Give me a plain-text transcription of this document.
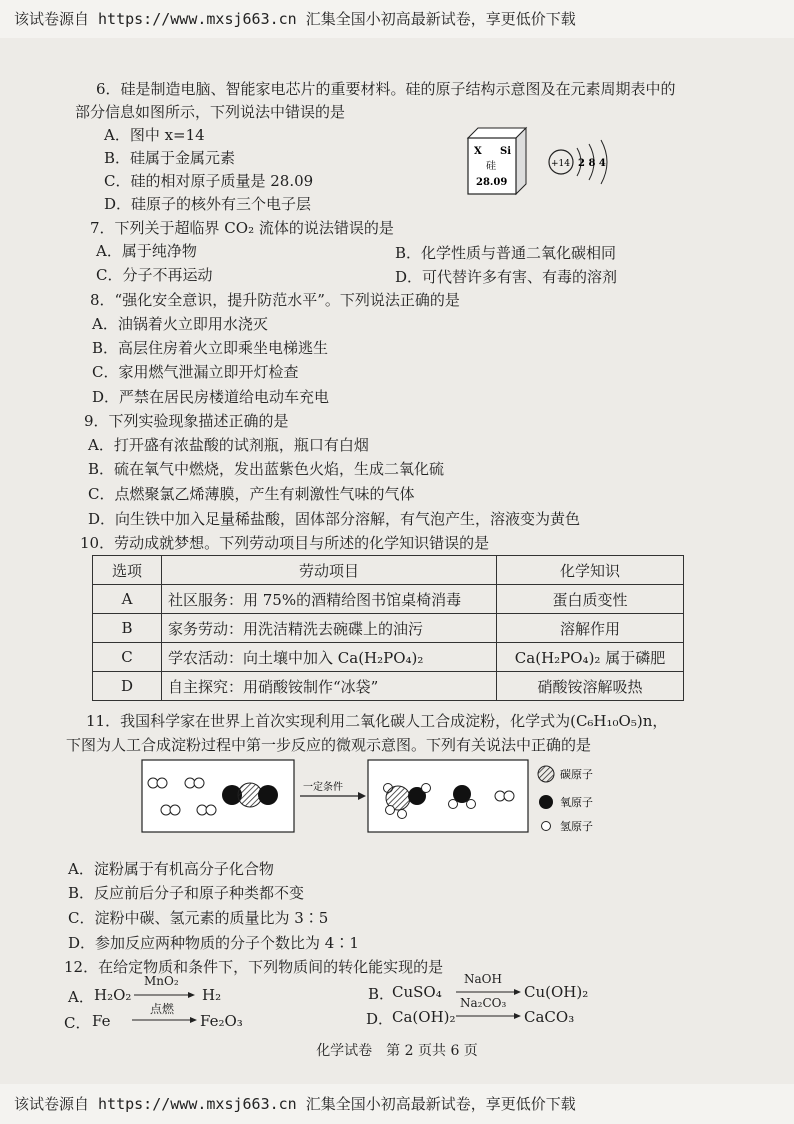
该试卷源自 https://www.mxsj663.cn 汇集全国小初高最新试卷，享更低价下载
6．硅是制造电脑、智能家电芯片的重要材料。硅的原子结构示意图及在元素周期表中的
部分信息如图所示，下列说法中错误的是
A．图中 x=14
B．硅属于金属元素
C．硅的相对原子质量是 28.09
D．硅原子的核外有三个电子层
X Si
硅
28.09
+14 2 8 4
7．下列关于超临界 CO₂ 流体的说法错误的是
A．属于纯净物	B．化学性质与普通二氧化碳相同
C．分子不再运动	D．可代替许多有害、有毒的溶剂
8．“强化安全意识，提升防范水平”。下列说法正确的是
A．油锅着火立即用水浇灭
B．高层住房着火立即乘坐电梯逃生
C．家用燃气泄漏立即开灯检查
D．严禁在居民房楼道给电动车充电
9．下列实验现象描述正确的是
A．打开盛有浓盐酸的试剂瓶，瓶口有白烟
B．硫在氧气中燃烧，发出蓝紫色火焰，生成二氧化硫
C．点燃聚氯乙烯薄膜，产生有刺激性气味的气体
D．向生铁中加入足量稀盐酸，固体部分溶解，有气泡产生，溶液变为黄色
10．劳动成就梦想。下列劳动项目与所述的化学知识错误的是
选项	劳动项目	化学知识
A	社区服务：用 75%的酒精给图书馆桌椅消毒	蛋白质变性
B	家务劳动：用洗洁精洗去碗碟上的油污	溶解作用
C	学农活动：向土壤中加入 Ca(H₂PO₄)₂	Ca(H₂PO₄)₂ 属于磷肥
D	自主探究：用硝酸铵制作“冰袋”	硝酸铵溶解吸热
11．我国科学家在世界上首次实现利用二氧化碳人工合成淀粉，化学式为(C₆H₁₀O₅)n，
下图为人工合成淀粉过程中第一步反应的微观示意图。下列有关说法中正确的是
一定条件
碳原子
氧原子
氢原子
A．淀粉属于有机高分子化合物
B．反应前后分子和原子种类都不变
C．淀粉中碳、氢元素的质量比为 3∶5
D．参加反应两种物质的分子个数比为 4∶1
12．在给定物质和条件下，下列物质间的转化能实现的是
A． H₂O₂
MnO₂
H₂	B．
CuSO₄
NaOH
Cu(OH)₂
C． Fe
点燃
Fe₂O₃	D．
Ca(OH)₂
Na₂CO₃
CaCO₃
化学试卷　第 2 页共 6 页
该试卷源自 https://www.mxsj663.cn 汇集全国小初高最新试卷，享更低价下载
